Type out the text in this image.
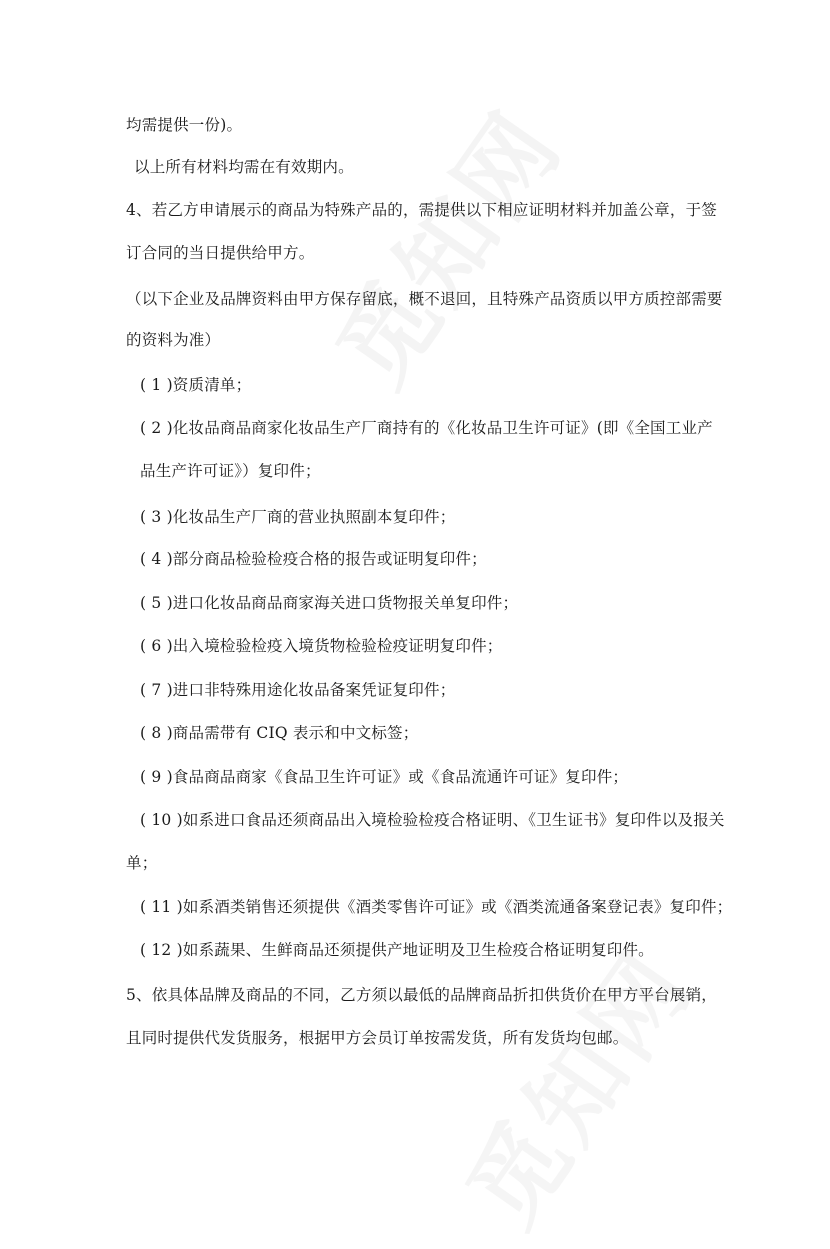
均需提供一份)。
以上所有材料均需在有效期内。
4、若乙方申请展示的商品为特殊产品的，需提供以下相应证明材料并加盖公章，于签
订合同的当日提供给甲方。
（以下企业及品牌资料由甲方保存留底，概不退回，且特殊产品资质以甲方质控部需要
的资料为准）
( 1 )资质清单；
( 2 )化妆品商品商家化妆品生产厂商持有的《化妆品卫生许可证》(即《全国工业产
品生产许可证》）复印件；
( 3 )化妆品生产厂商的营业执照副本复印件；
( 4 )部分商品检验检疫合格的报告或证明复印件；
( 5 )进口化妆品商品商家海关进口货物报关单复印件；
( 6 )出入境检验检疫入境货物检验检疫证明复印件；
( 7 )进口非特殊用途化妆品备案凭证复印件；
( 8 )商品需带有 CIQ 表示和中文标签；
( 9 )食品商品商家《食品卫生许可证》或《食品流通许可证》复印件；
( 10 )如系进口食品还须商品出入境检验检疫合格证明、《卫生证书》复印件以及报关
单；
( 11 )如系酒类销售还须提供《酒类零售许可证》或《酒类流通备案登记表》复印件；
( 12 )如系蔬果、生鲜商品还须提供产地证明及卫生检疫合格证明复印件。
5、依具体品牌及商品的不同，乙方须以最低的品牌商品折扣供货价在甲方平台展销，
且同时提供代发货服务，根据甲方会员订单按需发货，所有发货均包邮。
